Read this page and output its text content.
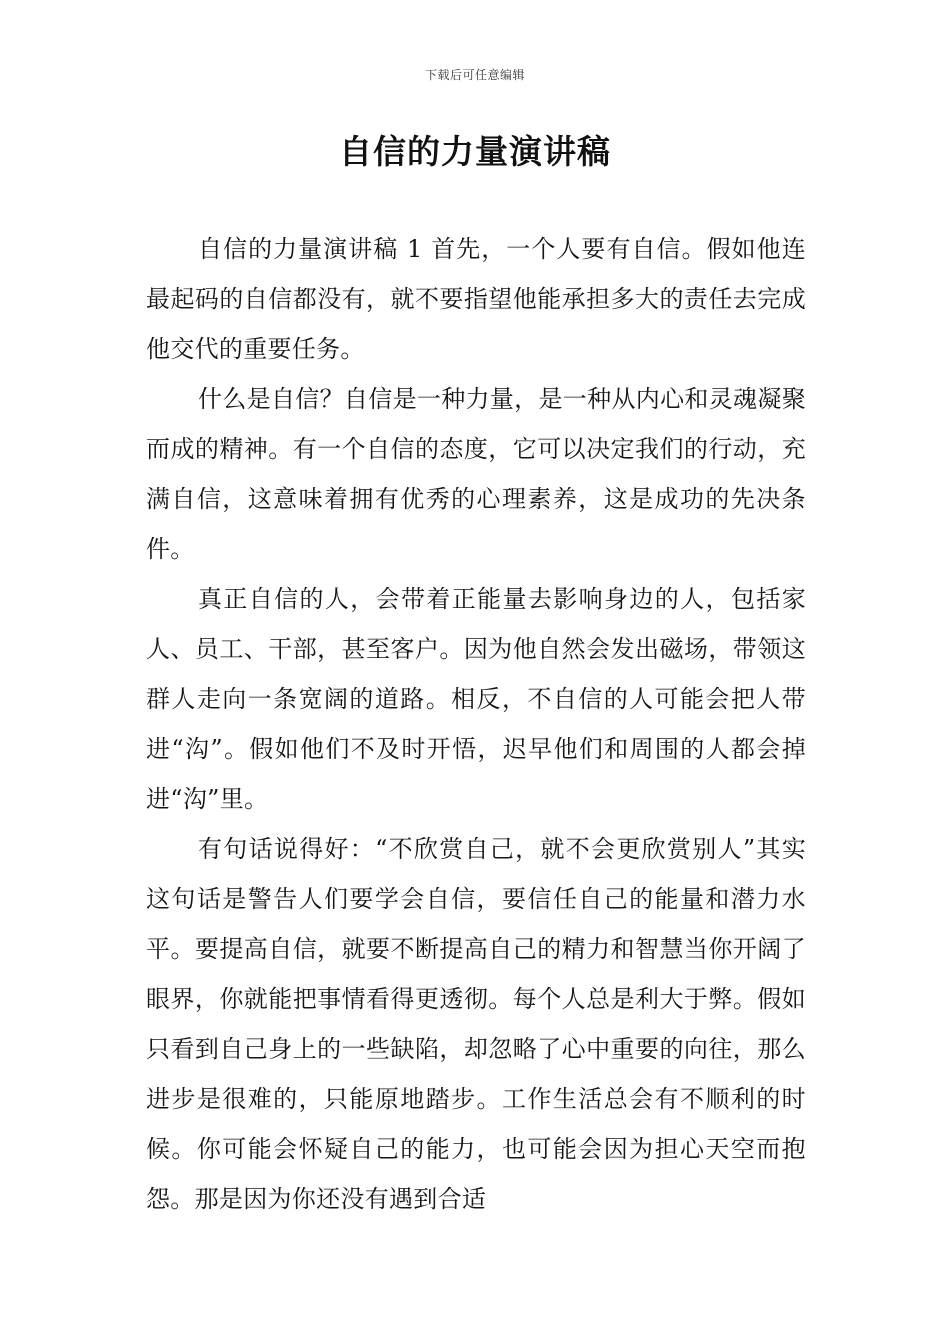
下载后可任意编辑
自信的力量演讲稿

自信的力量演讲稿 1 首先，一个人要有自信。假如他连最起码的自信都没有，就不要指望他能承担多大的责任去完成他交代的重要任务。

什么是自信？自信是一种力量，是一种从内心和灵魂凝聚而成的精神。有一个自信的态度，它可以决定我们的行动，充满自信，这意味着拥有优秀的心理素养，这是成功的先决条件。

真正自信的人，会带着正能量去影响身边的人，包括家人、员工、干部，甚至客户。因为他自然会发出磁场，带领这群人走向一条宽阔的道路。相反，不自信的人可能会把人带进“沟”。假如他们不及时开悟，迟早他们和周围的人都会掉进“沟”里。

有句话说得好：“不欣赏自己，就不会更欣赏别人”其实这句话是警告人们要学会自信，要信任自己的能量和潜力水平。要提高自信，就要不断提高自己的精力和智慧当你开阔了眼界，你就能把事情看得更透彻。每个人总是利大于弊。假如只看到自己身上的一些缺陷，却忽略了心中重要的向往，那么进步是很难的，只能原地踏步。工作生活总会有不顺利的时候。你可能会怀疑自己的能力，也可能会因为担心天空而抱怨。那是因为你还没有遇到合适
